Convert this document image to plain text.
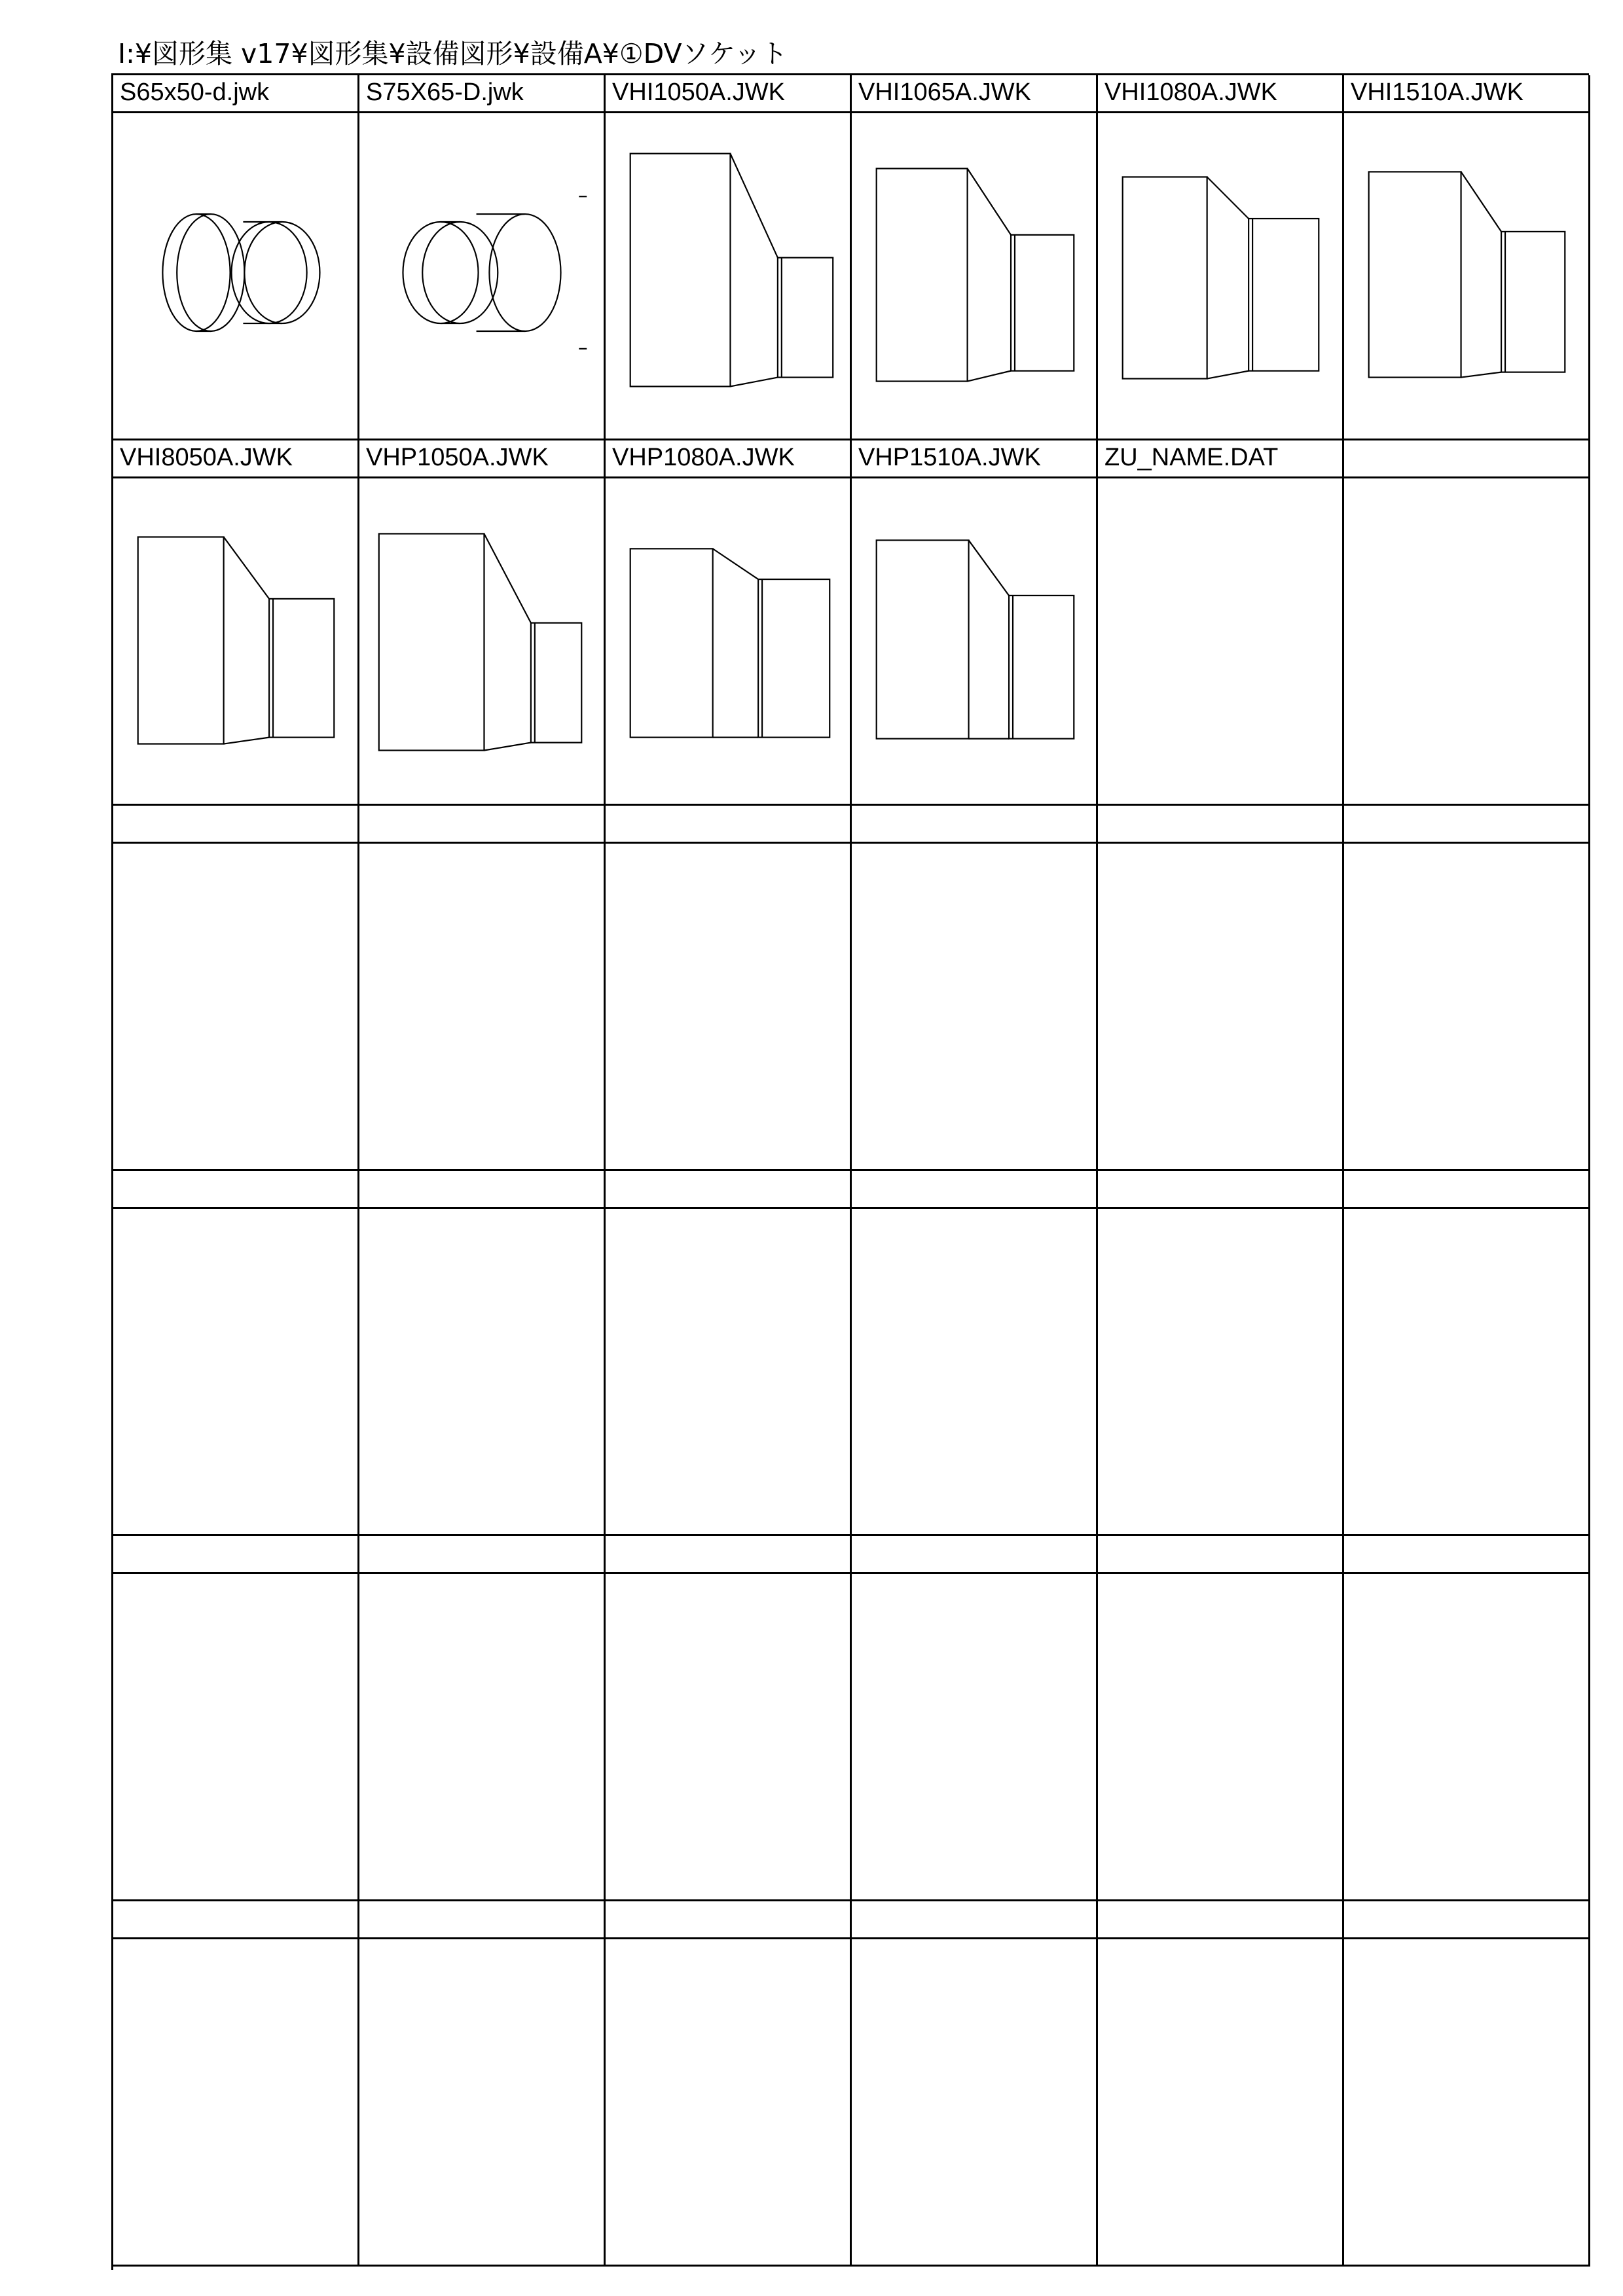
I:¥図形集 v17¥図形集¥設備図形¥設備A¥①DVソケット
S65x50-d.jwk	S75X65-D.jwk	VHI1050A.JWK	VHI1065A.JWK	VHI1080A.JWK	VHI1510A.JWK
VHI8050A.JWK	VHP1050A.JWK	VHP1080A.JWK	VHP1510A.JWK	ZU_NAME.DAT
